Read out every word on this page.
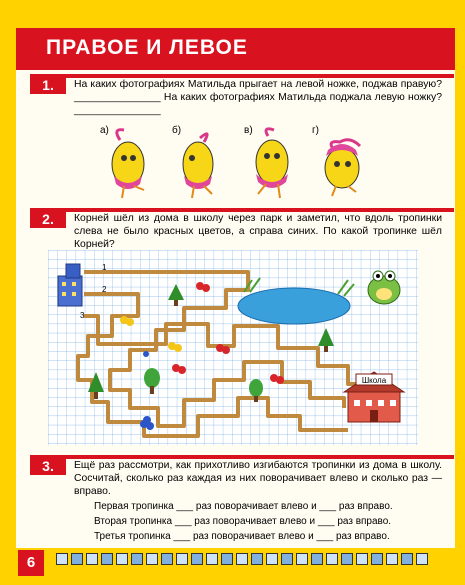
ПРАВОЕ И ЛЕВОЕ
1.	На каких фотографиях Матильда прыгает на левой ножке, поджав правую? _______________ На каких фотографиях Матильда поджала левую ножку? _______________
а)	б)	в)	г)
2.	Корней шёл из дома в школу через парк и заметил, что вдоль тропинки слева не было красных цветов, а справа синих. По какой тропинке шёл Корней?
1
2
3
Школа
3.	Ещё раз рассмотри, как прихотливо изгибаются тропинки из дома в школу. Сосчитай, сколько раз каждая из них поворачивает влево и сколько раз — вправо.
Первая тропинка ___ раз поворачивает влево и ___ раз вправо.
Вторая тропинка ___ раз поворачивает влево и ___ раз вправо.
Третья тропинка ___ раз поворачивает влево и ___ раз вправо.
6
